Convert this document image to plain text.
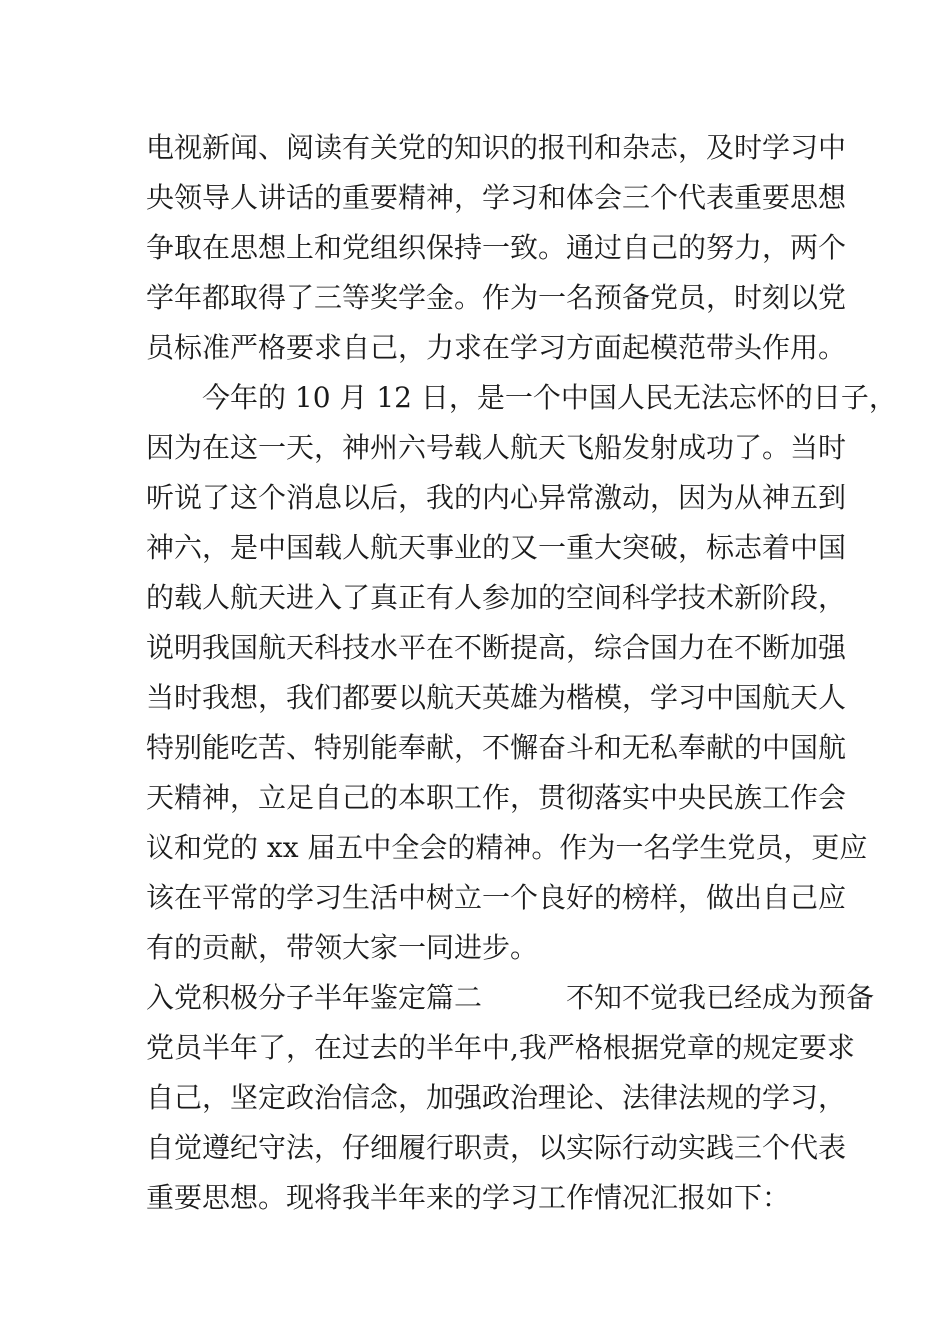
电视新闻、阅读有关党的知识的报刊和杂志，及时学习中
央领导人讲话的重要精神，学习和体会三个代表重要思想
争取在思想上和党组织保持一致。通过自己的努力，两个
学年都取得了三等奖学金。作为一名预备党员，时刻以党
员标准严格要求自己，力求在学习方面起模范带头作用。
　　今年的 10 月 12 日，是一个中国人民无法忘怀的日子，
因为在这一天，神州六号载人航天飞船发射成功了。当时
听说了这个消息以后，我的内心异常激动，因为从神五到
神六，是中国载人航天事业的又一重大突破，标志着中国
的载人航天进入了真正有人参加的空间科学技术新阶段，
说明我国航天科技水平在不断提高，综合国力在不断加强
当时我想，我们都要以航天英雄为楷模，学习中国航天人
特别能吃苦、特别能奉献，不懈奋斗和无私奉献的中国航
天精神，立足自己的本职工作，贯彻落实中央民族工作会
议和党的 xx 届五中全会的精神。作为一名学生党员，更应
该在平常的学习生活中树立一个良好的榜样，做出自己应
有的贡献，带领大家一同进步。
入党积极分子半年鉴定篇二　　　不知不觉我已经成为预备
党员半年了，在过去的半年中,我严格根据党章的规定要求
自己，坚定政治信念，加强政治理论、法律法规的学习，
自觉遵纪守法，仔细履行职责，以实际行动实践三个代表
重要思想。现将我半年来的学习工作情况汇报如下：
